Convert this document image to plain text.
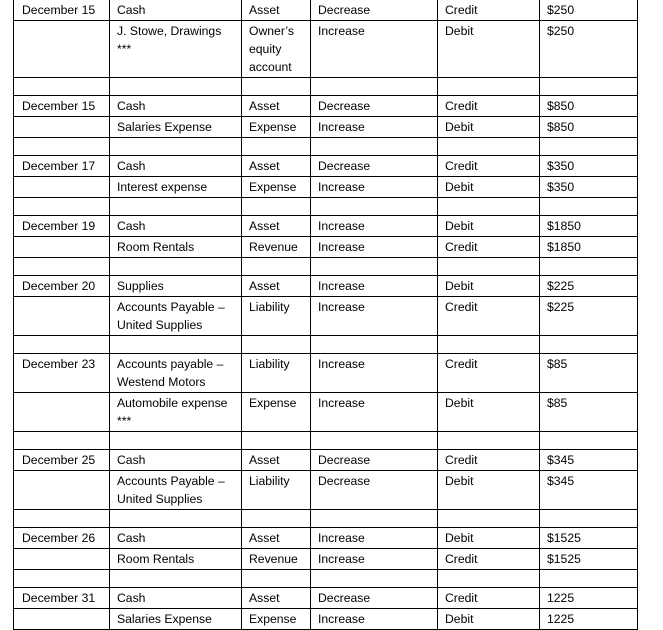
December 15	Cash	Asset	Decrease	Credit	$250
	J. Stowe, Drawings ***	Owner’s equity account	Increase	Debit	$250

December 15	Cash	Asset	Decrease	Credit	$850
	Salaries Expense	Expense	Increase	Debit	$850

December 17	Cash	Asset	Decrease	Credit	$350
	Interest expense	Expense	Increase	Debit	$350

December 19	Cash	Asset	Increase	Debit	$1850
	Room Rentals	Revenue	Increase	Credit	$1850

December 20	Supplies	Asset	Increase	Debit	$225
	Accounts Payable – United Supplies	Liability	Increase	Credit	$225

December 23	Accounts payable – Westend Motors	Liability	Increase	Credit	$85
	Automobile expense ***	Expense	Increase	Debit	$85

December 25	Cash	Asset	Decrease	Credit	$345
	Accounts Payable – United Supplies	Liability	Decrease	Debit	$345

December 26	Cash	Asset	Increase	Debit	$1525
	Room Rentals	Revenue	Increase	Credit	$1525

December 31	Cash	Asset	Decrease	Credit	1225
	Salaries Expense	Expense	Increase	Debit	1225
